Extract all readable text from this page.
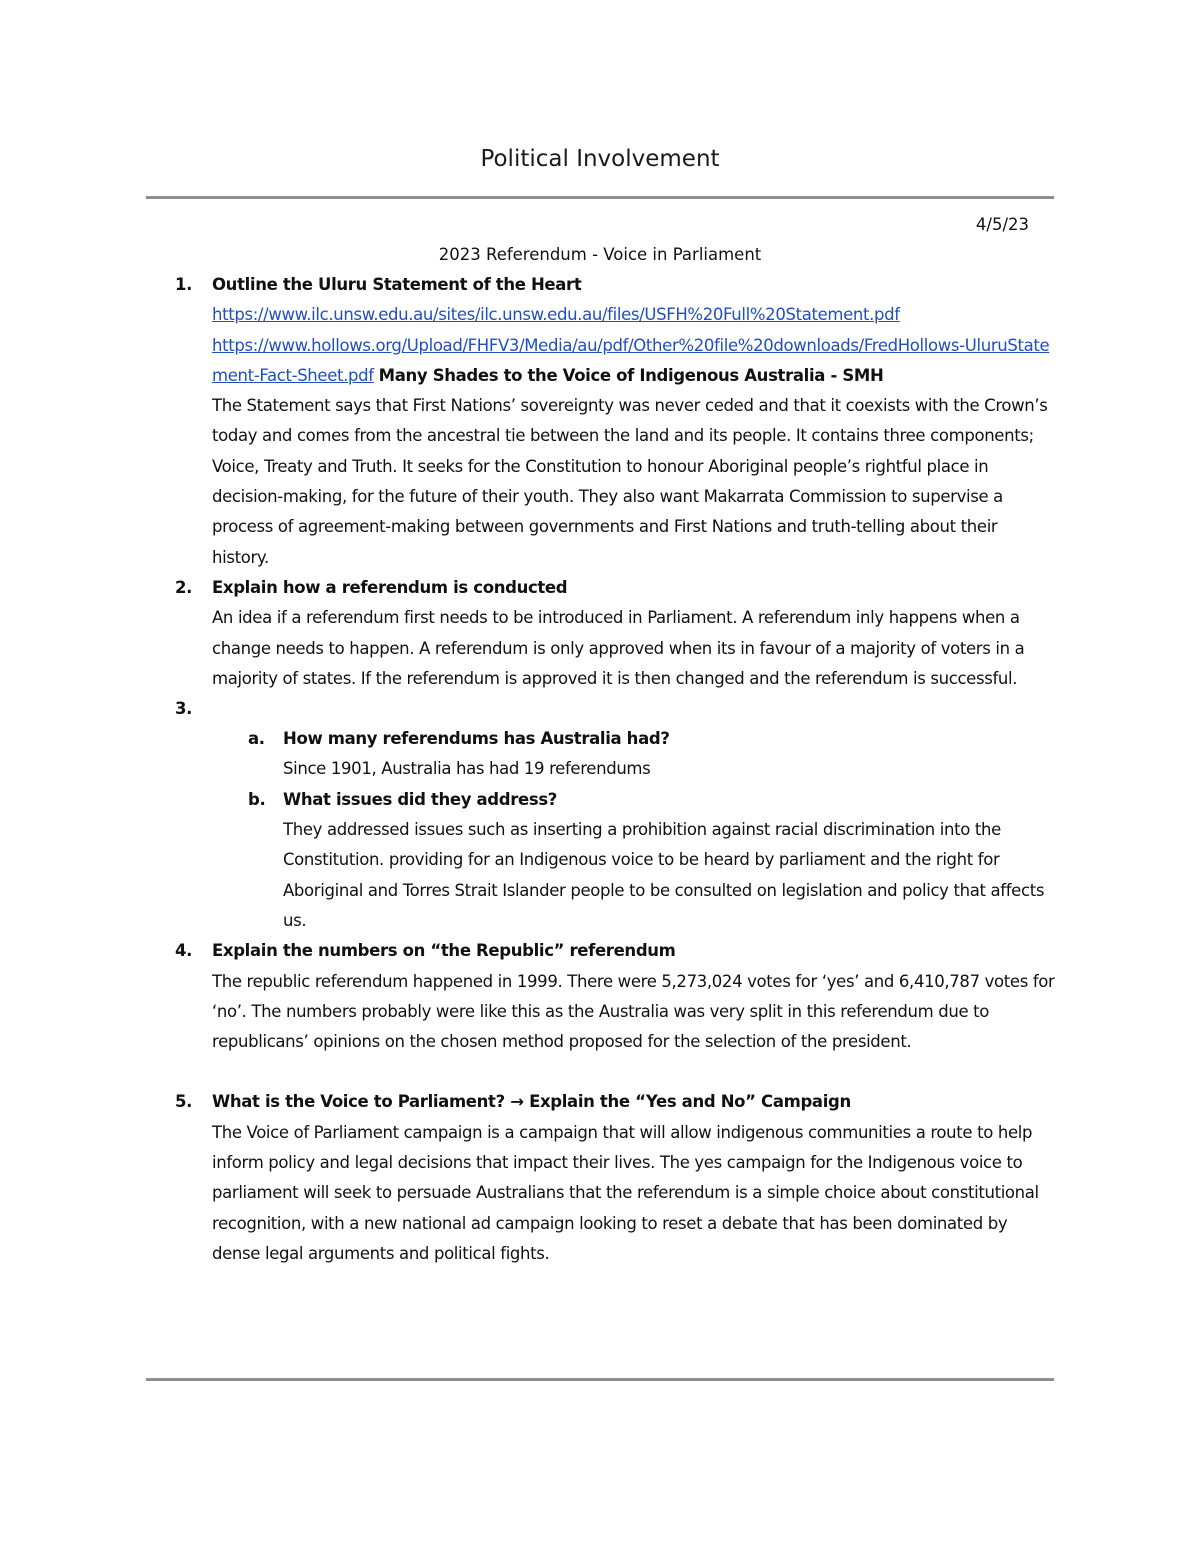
Political Involvement
4/5/23
2023 Referendum - Voice in Parliament
1. Outline the Uluru Statement of the Heart

https://www.ilc.unsw.edu.au/sites/ilc.unsw.edu.au/files/USFH%20Full%20Statement.pdf
https://www.hollows.org/Upload/FHFV3/Media/au/pdf/Other%20file%20downloads/FredHollows-UluruStatement-Fact-Sheet.pdf Many Shades to the Voice of Indigenous Australia - SMH

The Statement says that First Nations’ sovereignty was never ceded and that it coexists with the Crown’s today and comes from the ancestral tie between the land and its people. It contains three components; Voice, Treaty and Truth. It seeks for the Constitution to honour Aboriginal people’s rightful place in decision-making, for the future of their youth. They also want Makarrata Commission to supervise a process of agreement-making between governments and First Nations and truth-telling about their history.

2. Explain how a referendum is conducted

An idea if a referendum first needs to be introduced in Parliament. A referendum inly happens when a change needs to happen. A referendum is only approved when its in favour of a majority of voters in a majority of states. If the referendum is approved it is then changed and the referendum is successful.

3.
a. How many referendums has Australia had?

Since 1901, Australia has had 19 referendums

b. What issues did they address?

They addressed issues such as inserting a prohibition against racial discrimination into the Constitution. providing for an Indigenous voice to be heard by parliament and the right for Aboriginal and Torres Strait Islander people to be consulted on legislation and policy that affects us.

4. Explain the numbers on “the Republic” referendum

The republic referendum happened in 1999. There were 5,273,024 votes for ‘yes’ and 6,410,787 votes for ‘no’. The numbers probably were like this as the Australia was very split in this referendum due to republicans’ opinions on the chosen method proposed for the selection of the president.

5. What is the Voice to Parliament? → Explain the “Yes and No” Campaign

The Voice of Parliament campaign is a campaign that will allow indigenous communities a route to help inform policy and legal decisions that impact their lives. The yes campaign for the Indigenous voice to parliament will seek to persuade Australians that the referendum is a simple choice about constitutional recognition, with a new national ad campaign looking to reset a debate that has been dominated by dense legal arguments and political fights.
